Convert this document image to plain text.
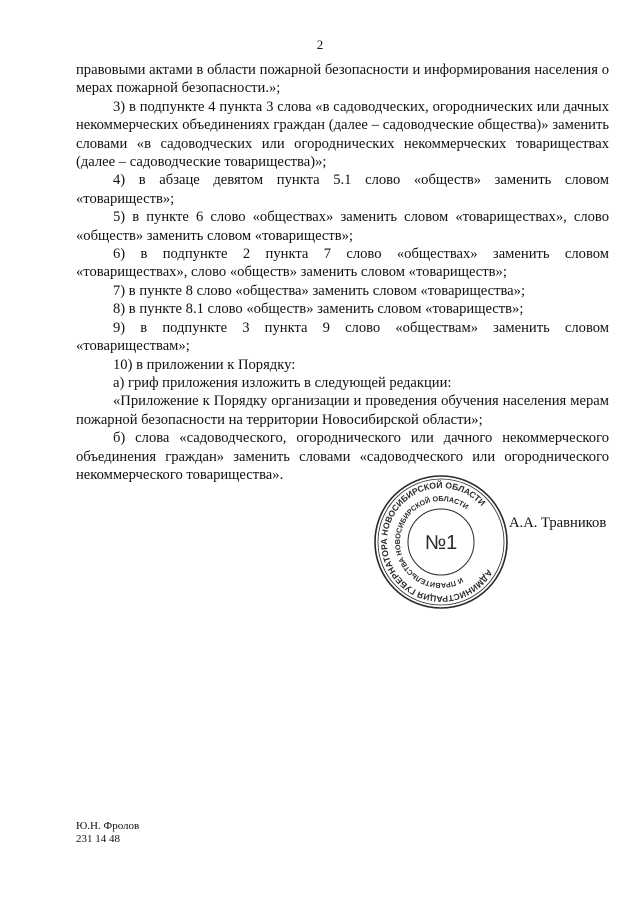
2

правовыми актами в области пожарной безопасности и информирования населения о мерах пожарной безопасности.»;

3) в подпункте 4 пункта 3 слова «в садоводческих, огороднических или дачных некоммерческих объединениях граждан (далее – садоводческие общества)» заменить словами «в садоводческих или огороднических некоммерческих товариществах (далее – садоводческие товарищества)»;

4) в абзаце девятом пункта 5.1 слово «обществ» заменить словом «товариществ»;

5) в пункте 6 слово «обществах» заменить словом «товариществах», слово «обществ» заменить словом «товариществ»;

6) в подпункте 2 пункта 7 слово «обществах» заменить словом «товариществах», слово «обществ» заменить словом «товариществ»;

7) в пункте 8 слово «общества» заменить словом «товарищества»;

8) в пункте 8.1 слово «обществ» заменить словом «товариществ»;

9) в подпункте 3 пункта 9 слово «обществам» заменить словом «товариществам»;

10) в приложении к Порядку:

а) гриф приложения изложить в следующей редакции:

«Приложение к Порядку организации и проведения обучения населения мерам пожарной безопасности на территории Новосибирской области»;

б) слова «садоводческого, огороднического или дачного некоммерческого объединения граждан» заменить словами «садоводческого или огороднического некоммерческого товарищества».

АДМИНИСТРАЦИЯ ГУБЕРНАТОРА НОВОСИБИРСКОЙ ОБЛАСТИ
И ПРАВИТЕЛЬСТВА НОВОСИБИРСКОЙ ОБЛАСТИ
№1
А.А. Травников
Ю.Н. Фролов
231 14 48
